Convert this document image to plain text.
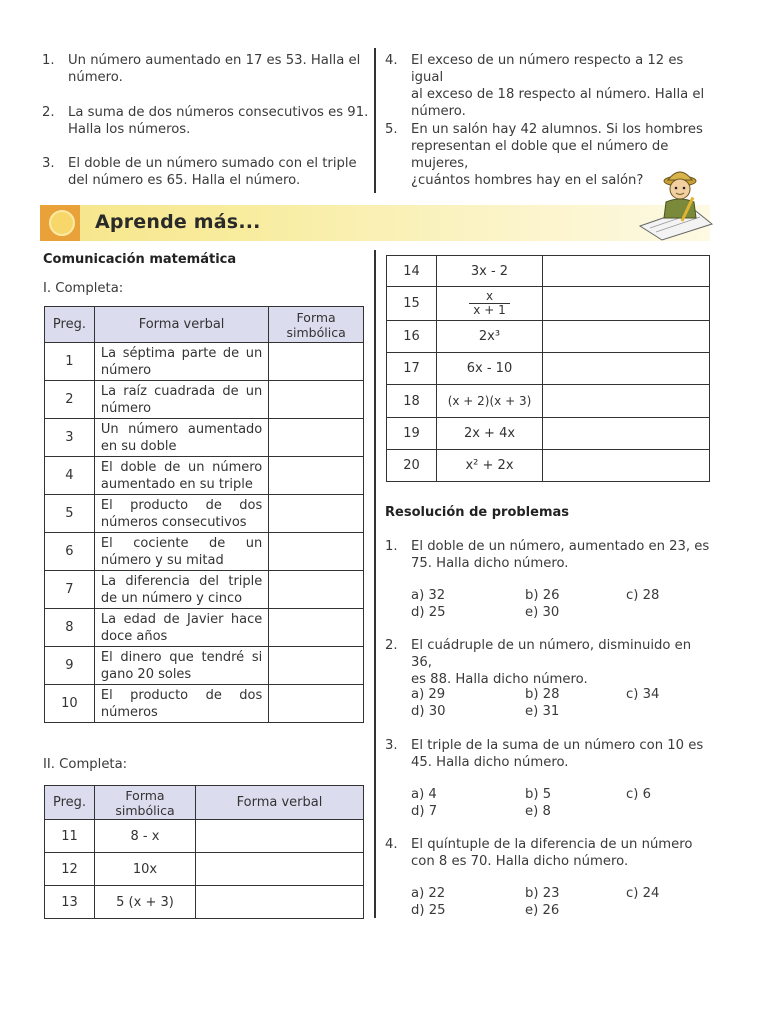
1. Un número aumentado en 17 es 53. Halla el
número.
2. La suma de dos números consecutivos es 91.
Halla los números.
3. El doble de un número sumado con el triple
del número es 65. Halla el número.
4. El exceso de un número respecto a 12 es igual
al exceso de 18 respecto al número. Halla el
número.
5. En un salón hay 42 alumnos. Si los hombres
representan el doble que el número de mujeres,
¿cuántos hombres hay en el salón?
Aprende más...
Comunicación matemática
I. Completa:
Preg.	Forma verbal	Forma simbólica
1	La séptima parte de un número	
2	La raíz cuadrada de un número	
3	Un número aumentado en su doble	
4	El doble de un número aumentado en su triple	
5	El producto de dos números consecutivos	
6	El cociente de un número y su mitad	
7	La diferencia del triple de un número y cinco	
8	La edad de Javier hace doce años	
9	El dinero que tendré si gano 20 soles	
10	El producto de dos números	
II. Completa:
Preg.	Forma simbólica	Forma verbal
11	8 - x	
12	10x	
13	5 (x + 3)	
14	3x - 2	
15	$\frac{x}{x + 1}$

16	2x³	
17	6x - 10	
18	(x + 2)(x + 3)	
19	2x + 4x	
20	x² + 2x	
Resolución de problemas
1. El doble de un número, aumentado en 23, es
75. Halla dicho número.
a) 32	b) 26	c) 28
d) 25	e) 30
2. El cuádruple de un número, disminuido en 36,
es 88. Halla dicho número.
a) 29	b) 28	c) 34
d) 30	e) 31
3. El triple de la suma de un número con 10 es
45. Halla dicho número.
a) 4	b) 5	c) 6
d) 7	e) 8
4. El quíntuple de la diferencia de un número
con 8 es 70. Halla dicho número.
a) 22	b) 23	c) 24
d) 25	e) 26
